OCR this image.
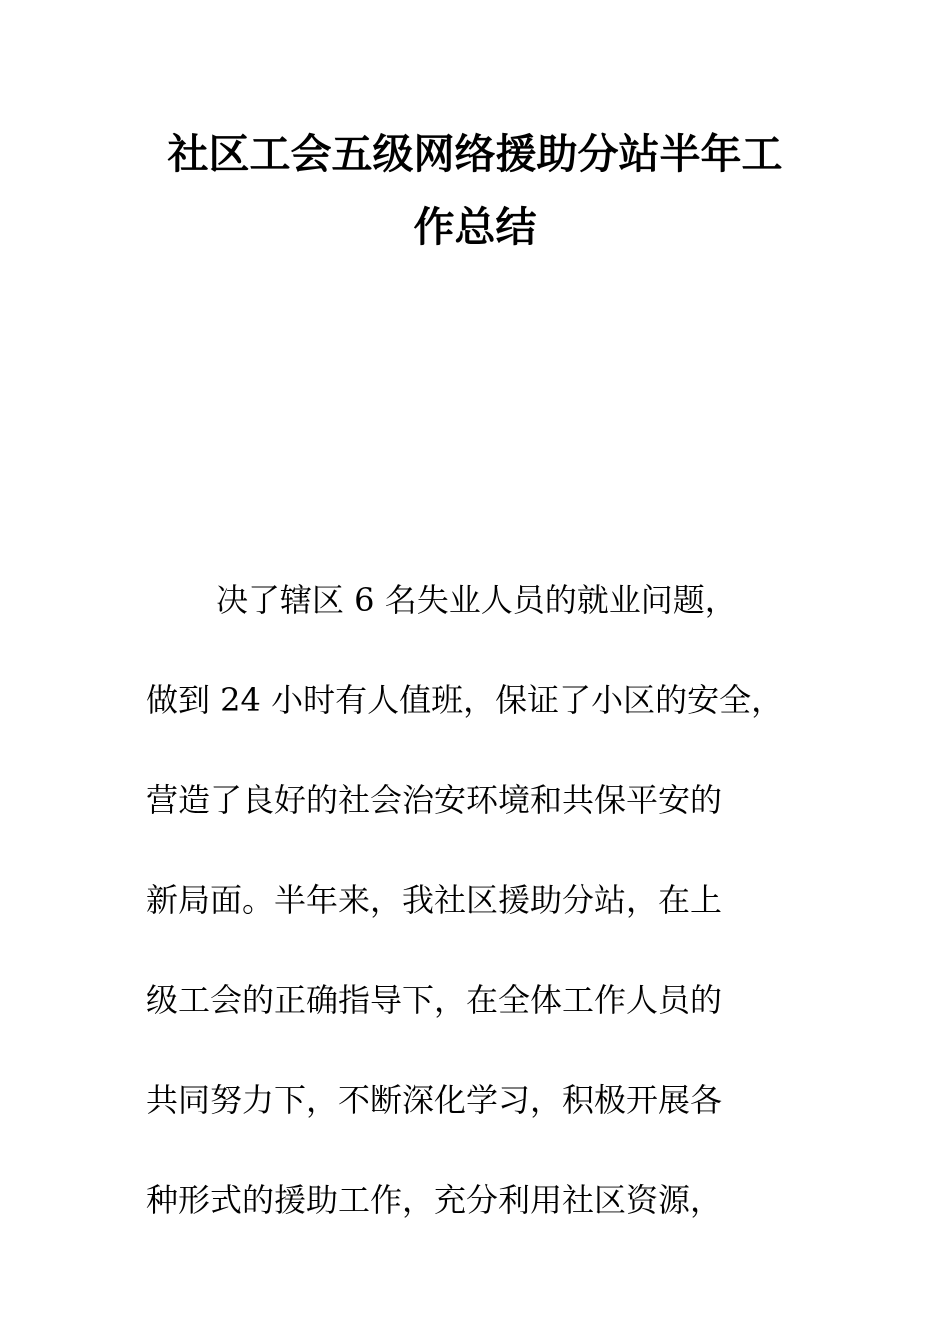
社区工会五级网络援助分站半年工
作总结
决了辖区 6 名失业人员的就业问题，
做到 24 小时有人值班，保证了小区的安全，
营造了良好的社会治安环境和共保平安的
新局面。半年来，我社区援助分站，在上
级工会的正确指导下，在全体工作人员的
共同努力下，不断深化学习，积极开展各
种形式的援助工作，充分利用社区资源，
